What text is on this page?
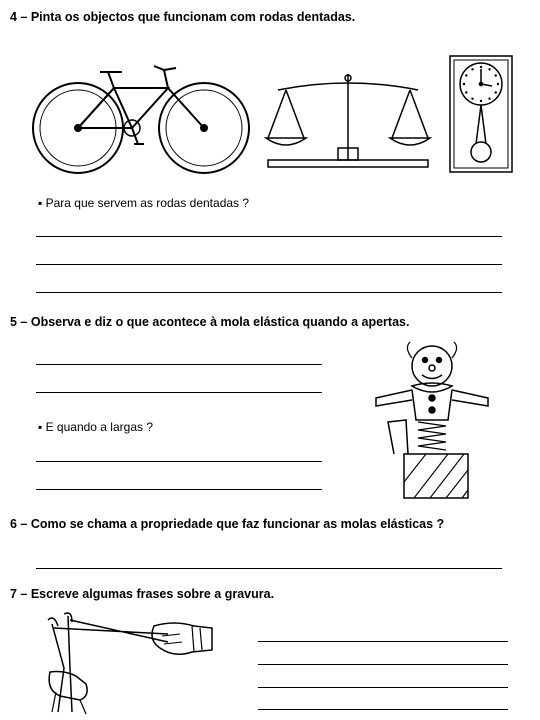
4 – Pinta os objectos que funcionam com rodas dentadas.

▪ Para que servem as rodas dentadas ?

5 – Observa e diz o que acontece à mola elástica quando a apertas.

▪ E quando a largas ?

6 – Como se chama a propriedade que faz funcionar as molas elásticas ?
7 – Escreve algumas frases sobre a gravura.
